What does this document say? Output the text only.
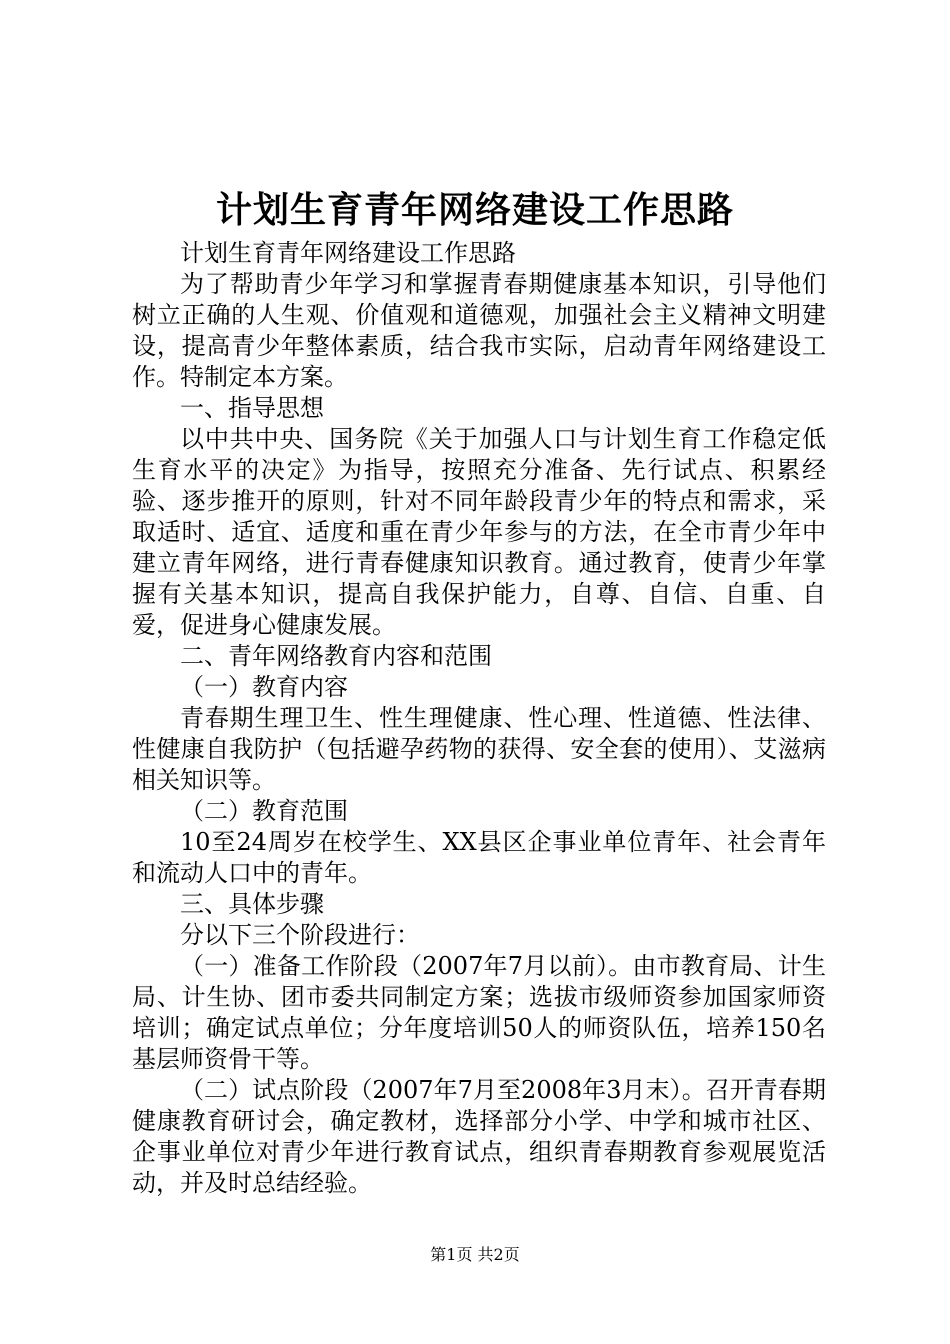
计划生育青年网络建设工作思路

计划生育青年网络建设工作思路

为了帮助青少年学习和掌握青春期健康基本知识，引导他们树立正确的人生观、价值观和道德观，加强社会主义精神文明建设，提高青少年整体素质，结合我市实际，启动青年网络建设工作。特制定本方案。

一、指导思想

以中共中央、国务院《关于加强人口与计划生育工作稳定低生育水平的决定》为指导，按照充分准备、先行试点、积累经验、逐步推开的原则，针对不同年龄段青少年的特点和需求，采取适时、适宜、适度和重在青少年参与的方法，在全市青少年中建立青年网络，进行青春健康知识教育。通过教育，使青少年掌握有关基本知识，提高自我保护能力，自尊、自信、自重、自爱，促进身心健康发展。

二、青年网络教育内容和范围

（一）教育内容

青春期生理卫生、性生理健康、性心理、性道德、性法律、性健康自我防护（包括避孕药物的获得、安全套的使用）、艾滋病相关知识等。

（二）教育范围

10至24周岁在校学生、XX县区企事业单位青年、社会青年和流动人口中的青年。

三、具体步骤

分以下三个阶段进行：

（一）准备工作阶段（2007年7月以前）。由市教育局、计生局、计生协、团市委共同制定方案；选拔市级师资参加国家师资培训；确定试点单位；分年度培训50人的师资队伍，培养150名基层师资骨干等。

（二）试点阶段（2007年7月至2008年3月末）。召开青春期健康教育研讨会，确定教材，选择部分小学、中学和城市社区、企事业单位对青少年进行教育试点，组织青春期教育参观展览活动，并及时总结经验。

第1页 共2页
